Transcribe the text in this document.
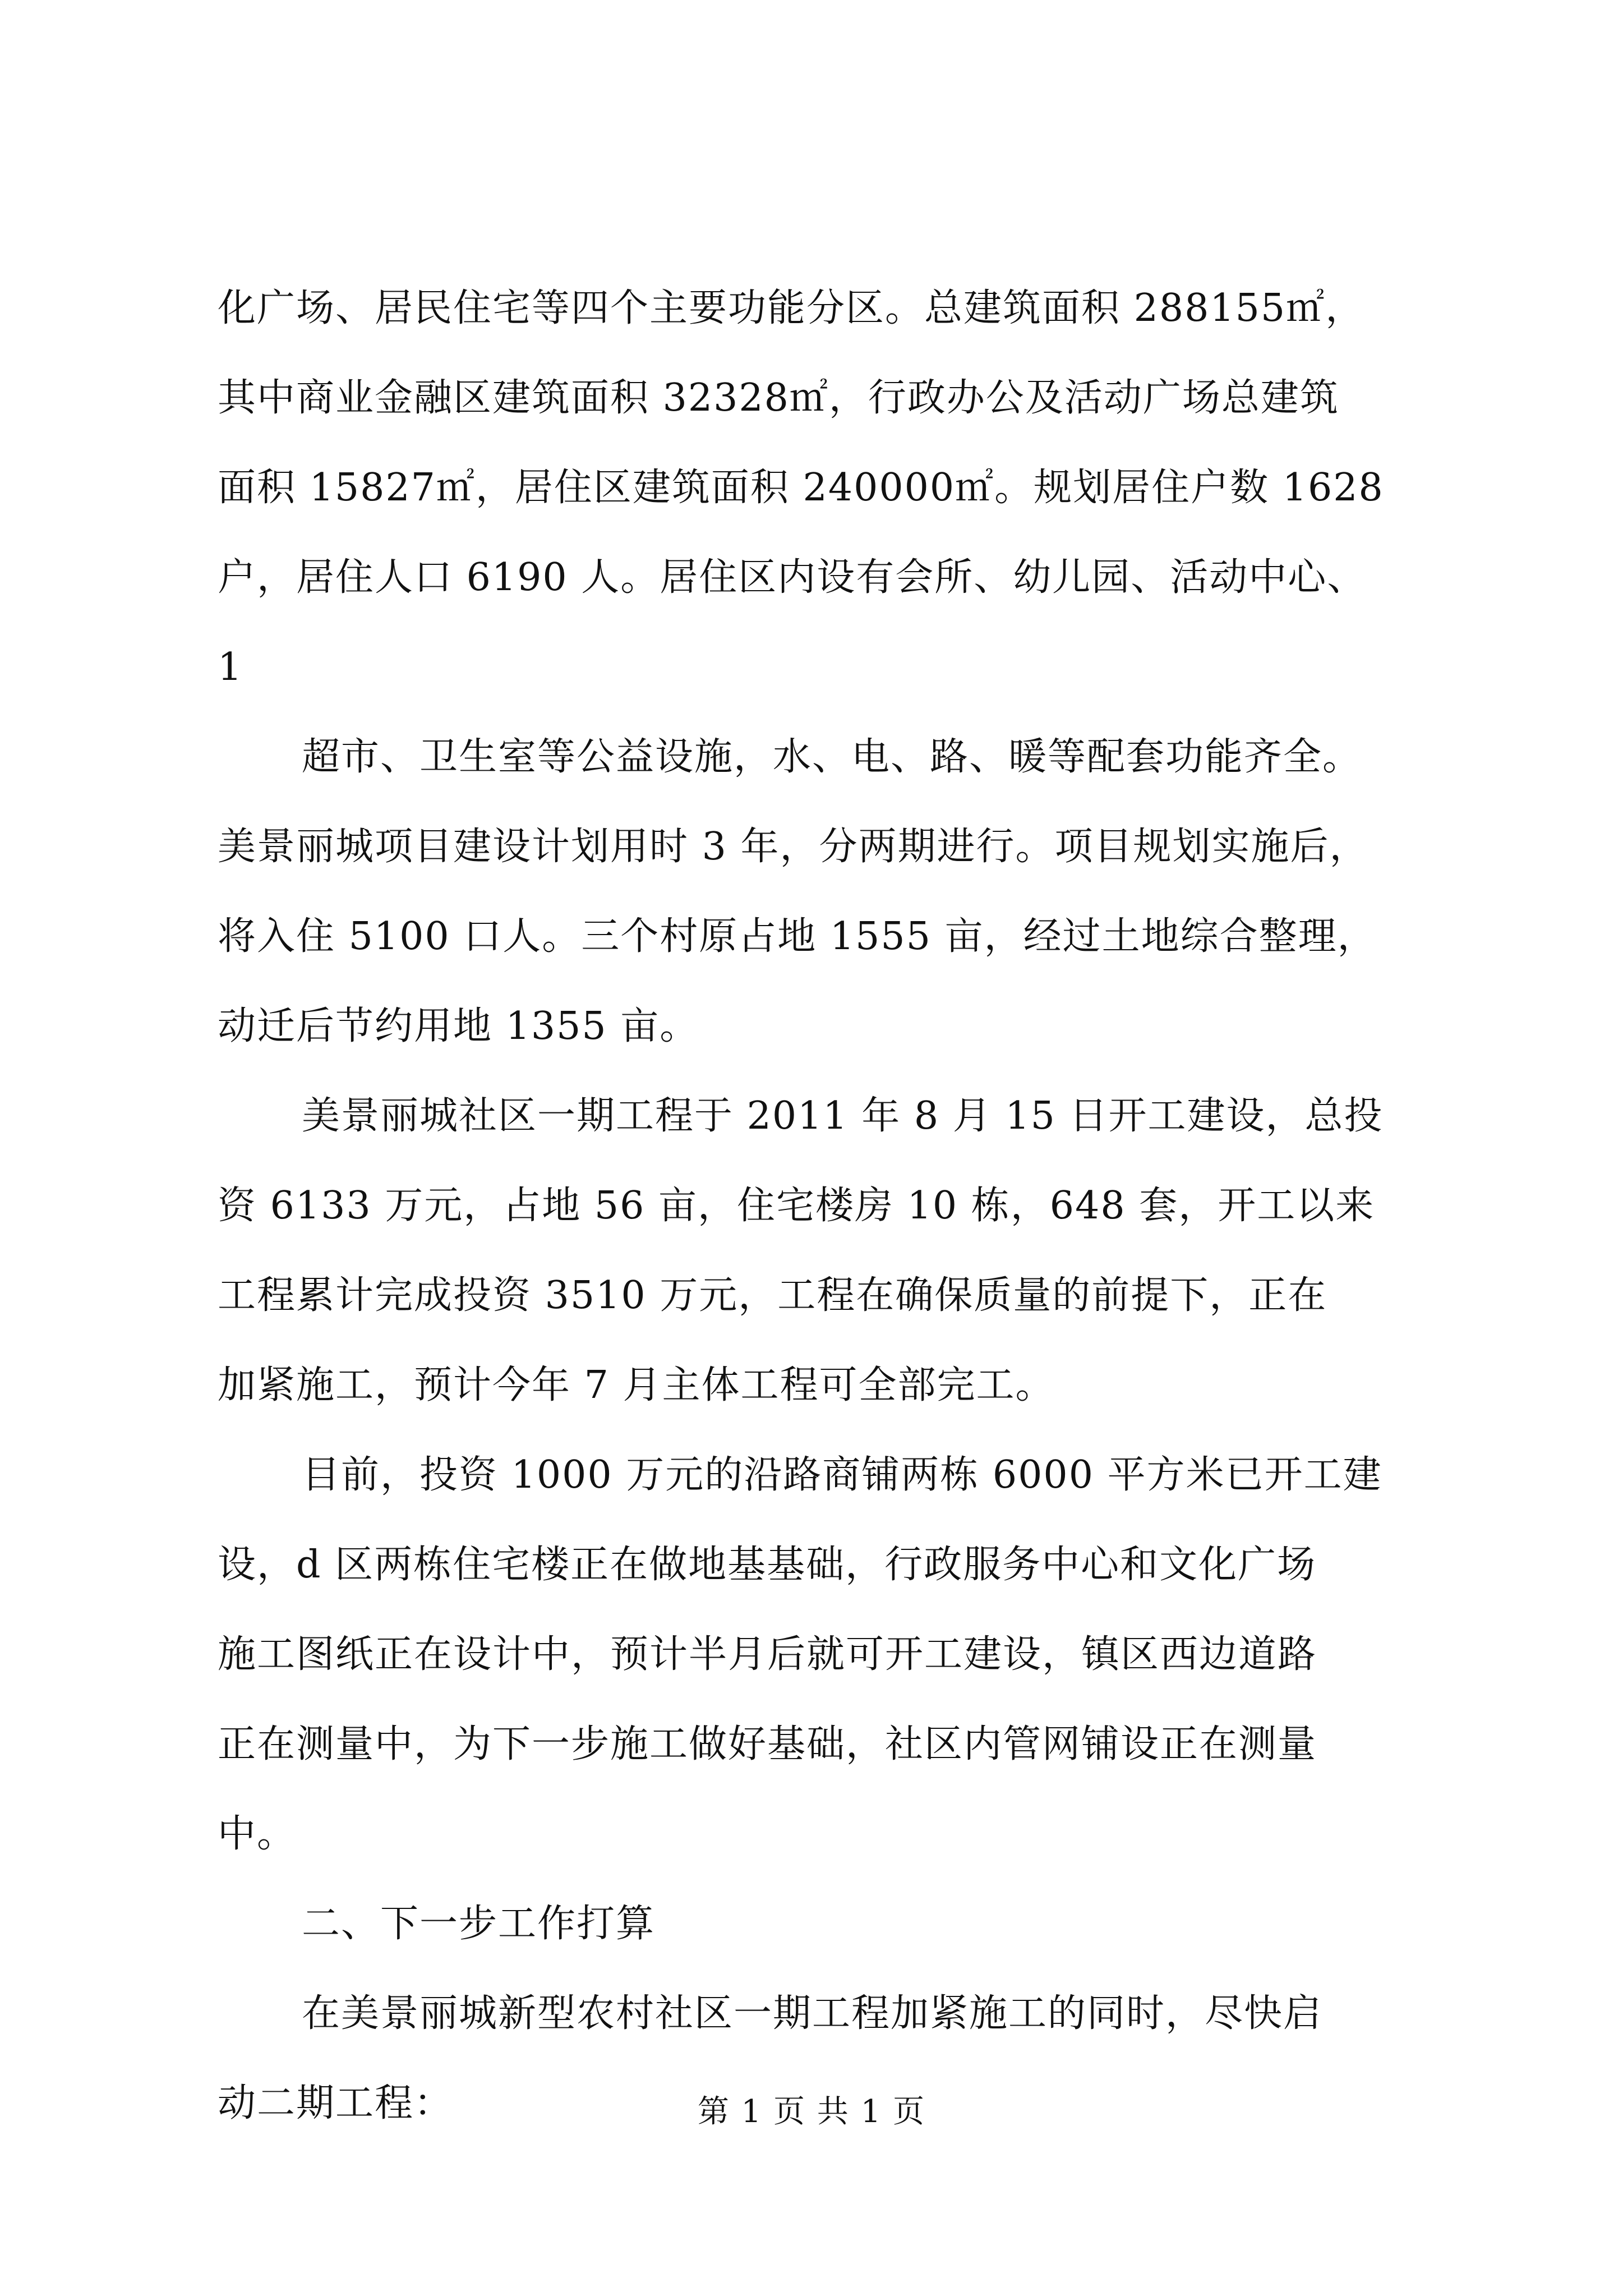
化广场、居民住宅等四个主要功能分区。总建筑面积 288155㎡，
其中商业金融区建筑面积 32328㎡，行政办公及活动广场总建筑
面积 15827㎡，居住区建筑面积 240000㎡。规划居住户数 1628
户，居住人口 6190 人。居住区内设有会所、幼儿园、活动中心、
1
超市、卫生室等公益设施，水、电、路、暖等配套功能齐全。
美景丽城项目建设计划用时 3 年，分两期进行。项目规划实施后，
将入住 5100 口人。三个村原占地 1555 亩，经过土地综合整理，
动迁后节约用地 1355 亩。
美景丽城社区一期工程于 2011 年 8 月 15 日开工建设，总投
资 6133 万元，占地 56 亩，住宅楼房 10 栋，648 套，开工以来
工程累计完成投资 3510 万元，工程在确保质量的前提下，正在
加紧施工，预计今年 7 月主体工程可全部完工。
目前，投资 1000 万元的沿路商铺两栋 6000 平方米已开工建
设，d 区两栋住宅楼正在做地基基础，行政服务中心和文化广场
施工图纸正在设计中，预计半月后就可开工建设，镇区西边道路
正在测量中，为下一步施工做好基础，社区内管网铺设正在测量
中。
二、下一步工作打算
在美景丽城新型农村社区一期工程加紧施工的同时，尽快启
动二期工程：	第 1 页 共 1 页
